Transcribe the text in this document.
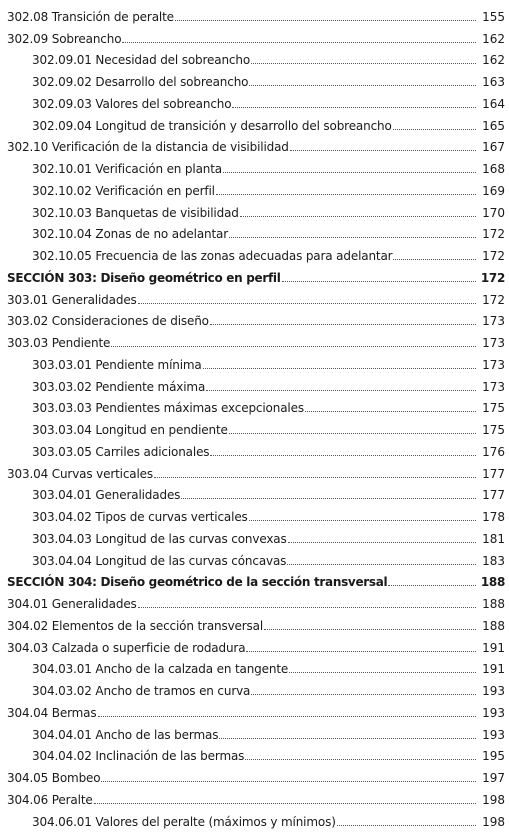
302.08 Transición de peralte	155
302.09 Sobreancho	162
302.09.01 Necesidad del sobreancho	162
302.09.02 Desarrollo del sobreancho	163
302.09.03 Valores del sobreancho	164
302.09.04 Longitud de transición y desarrollo del sobreancho	165
302.10 Verificación de la distancia de visibilidad	167
302.10.01 Verificación en planta	168
302.10.02 Verificación en perfil	169
302.10.03 Banquetas de visibilidad	170
302.10.04 Zonas de no adelantar	172
302.10.05 Frecuencia de las zonas adecuadas para adelantar	172
SECCIÓN 303: Diseño geométrico en perfil	172
303.01 Generalidades	172
303.02 Consideraciones de diseño	173
303.03 Pendiente	173
303.03.01 Pendiente mínima	173
303.03.02 Pendiente máxima	173
303.03.03 Pendientes máximas excepcionales	175
303.03.04 Longitud en pendiente	175
303.03.05 Carriles adicionales	176
303.04 Curvas verticales	177
303.04.01 Generalidades	177
303.04.02 Tipos de curvas verticales	178
303.04.03 Longitud de las curvas convexas	181
303.04.04 Longitud de las curvas cóncavas	183
SECCIÓN 304: Diseño geométrico de la sección transversal	188
304.01 Generalidades	188
304.02 Elementos de la sección transversal	188
304.03 Calzada o superficie de rodadura	191
304.03.01 Ancho de la calzada en tangente	191
304.03.02 Ancho de tramos en curva	193
304.04 Bermas	193
304.04.01 Ancho de las bermas	193
304.04.02 Inclinación de las bermas	195
304.05 Bombeo	197
304.06 Peralte	198
304.06.01 Valores del peralte (máximos y mínimos)	198
